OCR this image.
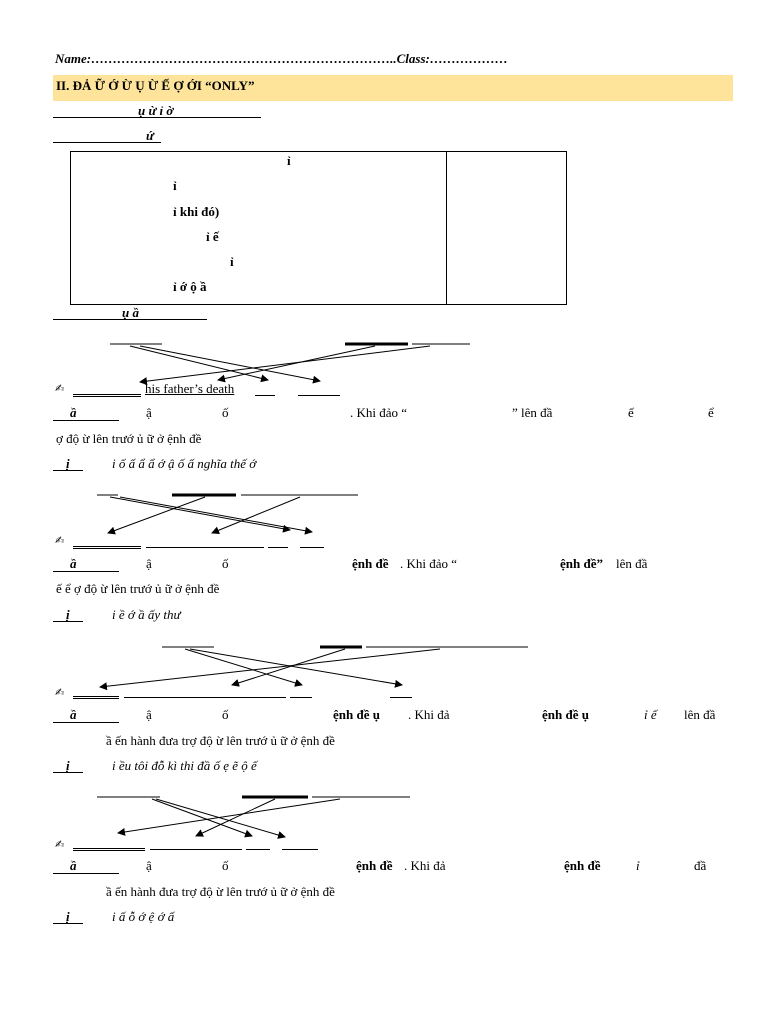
Name:……………………………………………………………..Class:………………
II. ĐẢ Ữ Ớ Ừ Ụ Ừ Ế Ợ ỚI “ONLY”
ụ ừ ỉ ờ
ứ
ỉ
ỉ
ỉ khi đó)
ỉ ế
ỉ
ỉ ớ ộ ầ
ụ ầ
✍	his father’s death
ầ	ậ	ố	. Khi đảo “	” lên đầ	ế	ể
ợ độ ừ lên trướ ủ ữ ở ệnh đề
ị	i ố ấ ẩ ẩ ớ ậ ố ấ nghĩa thế ớ
✍
ầ	ậ	ố	ệnh đề . Khi đảo “	ệnh đề” lên đầ
ế ể ợ độ ừ lên trướ ủ ữ ở ệnh đề
ị	i ề ớ ầ ấy thư
✍
ầ	ậ	ố	ệnh đề ụ . Khi đả	ệnh đề ụ	ỉ ế lên đầ
ầ ến hành đưa trợ độ ừ lên trướ ủ ữ ở ệnh đề
ị	i ều tôi đỗ kì thi đầ ố ẹ ẽ ộ ế
✍
ầ	ậ	ố	ệnh đề . Khi đả	ệnh đề	ỉ	đầ
ầ ến hành đưa trợ độ ừ lên trướ ủ ữ ở ệnh đề
ị	i ấ ỗ ớ ệ ớ ấ
